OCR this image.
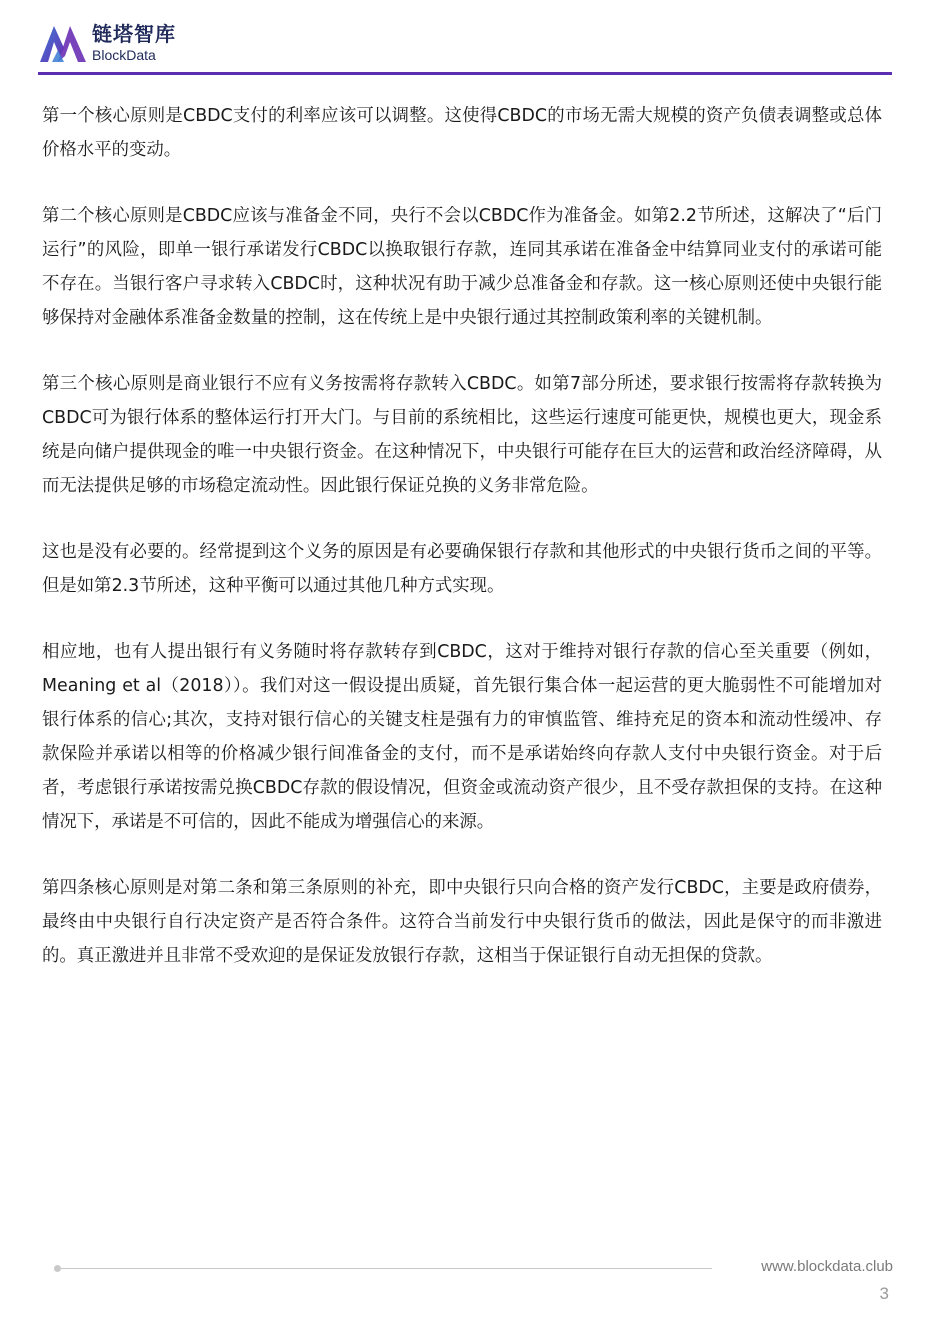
链塔智库
BlockData

第一个核心原则是CBDC支付的利率应该可以调整。这使得CBDC的市场无需大规模的资产负债表调整或总体价格水平的变动。

第二个核心原则是CBDC应该与准备金不同，央行不会以CBDC作为准备金。如第2.2节所述，这解决了“后门运行”的风险，即单一银行承诺发行CBDC以换取银行存款，连同其承诺在准备金中结算同业支付的承诺可能不存在。当银行客户寻求转入CBDC时，这种状况有助于减少总准备金和存款。这一核心原则还使中央银行能够保持对金融体系准备金数量的控制，这在传统上是中央银行通过其控制政策利率的关键机制。

第三个核心原则是商业银行不应有义务按需将存款转入CBDC。如第7部分所述，要求银行按需将存款转换为CBDC可为银行体系的整体运行打开大门。与目前的系统相比，这些运行速度可能更快，规模也更大，现金系统是向储户提供现金的唯一中央银行资金。在这种情况下，中央银行可能存在巨大的运营和政治经济障碍，从而无法提供足够的市场稳定流动性。因此银行保证兑换的义务非常危险。

这也是没有必要的。经常提到这个义务的原因是有必要确保银行存款和其他形式的中央银行货币之间的平等。但是如第2.3节所述，这种平衡可以通过其他几种方式实现。

相应地，也有人提出银行有义务随时将存款转存到CBDC，这对于维持对银行存款的信心至关重要（例如，Meaning et al（2018））。我们对这一假设提出质疑，首先银行集合体一起运营的更大脆弱性不可能增加对银行体系的信心;其次，支持对银行信心的关键支柱是强有力的审慎监管、维持充足的资本和流动性缓冲、存款保险并承诺以相等的价格减少银行间准备金的支付，而不是承诺始终向存款人支付中央银行资金。对于后者，考虑银行承诺按需兑换CBDC存款的假设情况，但资金或流动资产很少，且不受存款担保的支持。在这种情况下，承诺是不可信的，因此不能成为增强信心的来源。

第四条核心原则是对第二条和第三条原则的补充，即中央银行只向合格的资产发行CBDC，主要是政府债券，最终由中央银行自行决定资产是否符合条件。这符合当前发行中央银行货币的做法，因此是保守的而非激进的。真正激进并且非常不受欢迎的是保证发放银行存款，这相当于保证银行自动无担保的贷款。

www.blockdata.club
3
